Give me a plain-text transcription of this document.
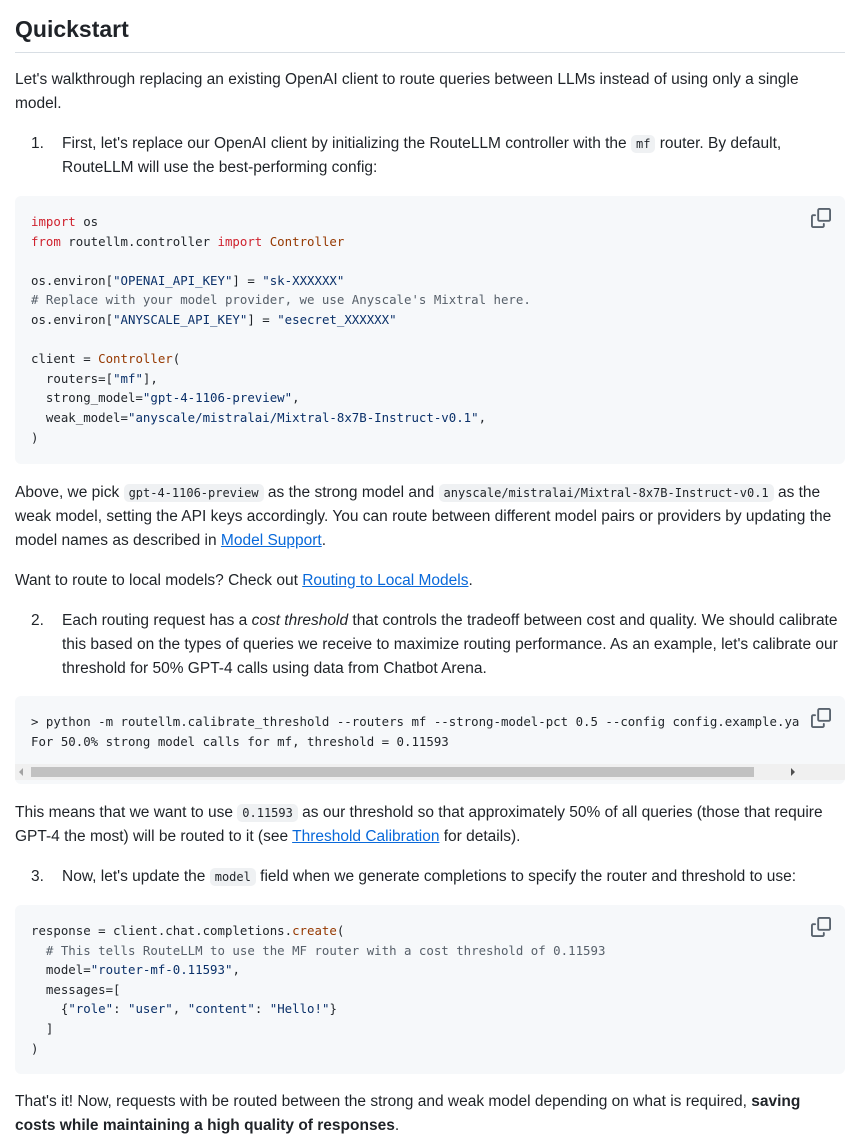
Quickstart

Let's walkthrough replacing an existing OpenAI client to route queries between LLMs instead of using only a single model.

1.	First, let's replace our OpenAI client by initializing the RouteLLM controller with the mf router. By default, RouteLLM will use the best-performing config:
import os
from routellm.controller import Controller

os.environ["OPENAI_API_KEY"] = "sk-XXXXXX"
# Replace with your model provider, we use Anyscale's Mixtral here.
os.environ["ANYSCALE_API_KEY"] = "esecret_XXXXXX"

client = Controller(
routers=["mf"],
strong_model="gpt-4-1106-preview",
weak_model="anyscale/mistralai/Mixtral-8x7B-Instruct-v0.1",
)

Above, we pick gpt-4-1106-preview as the strong model and anyscale/mistralai/Mixtral-8x7B-Instruct-v0.1 as the weak model, setting the API keys accordingly. You can route between different model pairs or providers by updating the model names as described in Model Support.

Want to route to local models? Check out Routing to Local Models.

2.	Each routing request has a cost threshold that controls the tradeoff between cost and quality. We should calibrate this based on the types of queries we receive to maximize routing performance. As an example, let's calibrate our threshold for 50% GPT-4 calls using data from Chatbot Arena.
> python -m routellm.calibrate_threshold --routers mf --strong-model-pct 0.5 --config config.example.ya
For 50.0% strong model calls for mf, threshold = 0.11593

This means that we want to use 0.11593 as our threshold so that approximately 50% of all queries (those that require GPT-4 the most) will be routed to it (see Threshold Calibration for details).

3.	Now, let's update the model field when we generate completions to specify the router and threshold to use:
response = client.chat.completions.create(
# This tells RouteLLM to use the MF router with a cost threshold of 0.11593
model="router-mf-0.11593",
messages=[
{"role": "user", "content": "Hello!"}
]
)

That's it! Now, requests with be routed between the strong and weak model depending on what is required, saving costs while maintaining a high quality of responses.
